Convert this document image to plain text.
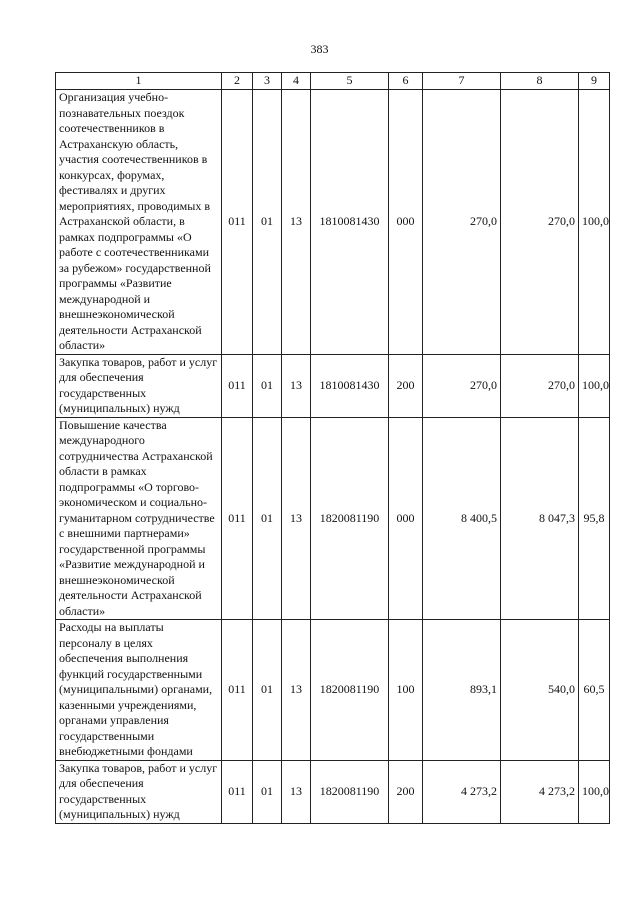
383
1	2	3	4	5	6	7	8	9
Организация учебно-познавательных поездок соотечественников в Астраханскую область, участия соотечественников в конкурсах, форумах, фестивалях и других мероприятиях, проводимых в Астраханской области, в рамках подпрограммы «О работе с соотечественниками за рубежом» государственной программы «Развитие международной и внешнеэкономической деятельности Астраханской области»	011	01	13	1810081430	000	270,0	270,0	100,0
Закупка товаров, работ и услуг для обеспечения государственных (муниципальных) нужд	011	01	13	1810081430	200	270,0	270,0	100,0
Повышение качества международного сотрудничества Астраханской области в рамках подпрограммы «О торгово-экономическом и социально-гуманитарном сотрудничестве с внешними партнерами» государственной программы «Развитие международной и внешнеэкономической деятельности Астраханской области»	011	01	13	1820081190	000	8 400,5	8 047,3	95,8
Расходы на выплаты персоналу в целях обеспечения выполнения функций государственными (муниципальными) органами, казенными учреждениями, органами управления государственными внебюджетными фондами	011	01	13	1820081190	100	893,1	540,0	60,5
Закупка товаров, работ и услуг для обеспечения государственных (муниципальных) нужд	011	01	13	1820081190	200	4 273,2	4 273,2	100,0
